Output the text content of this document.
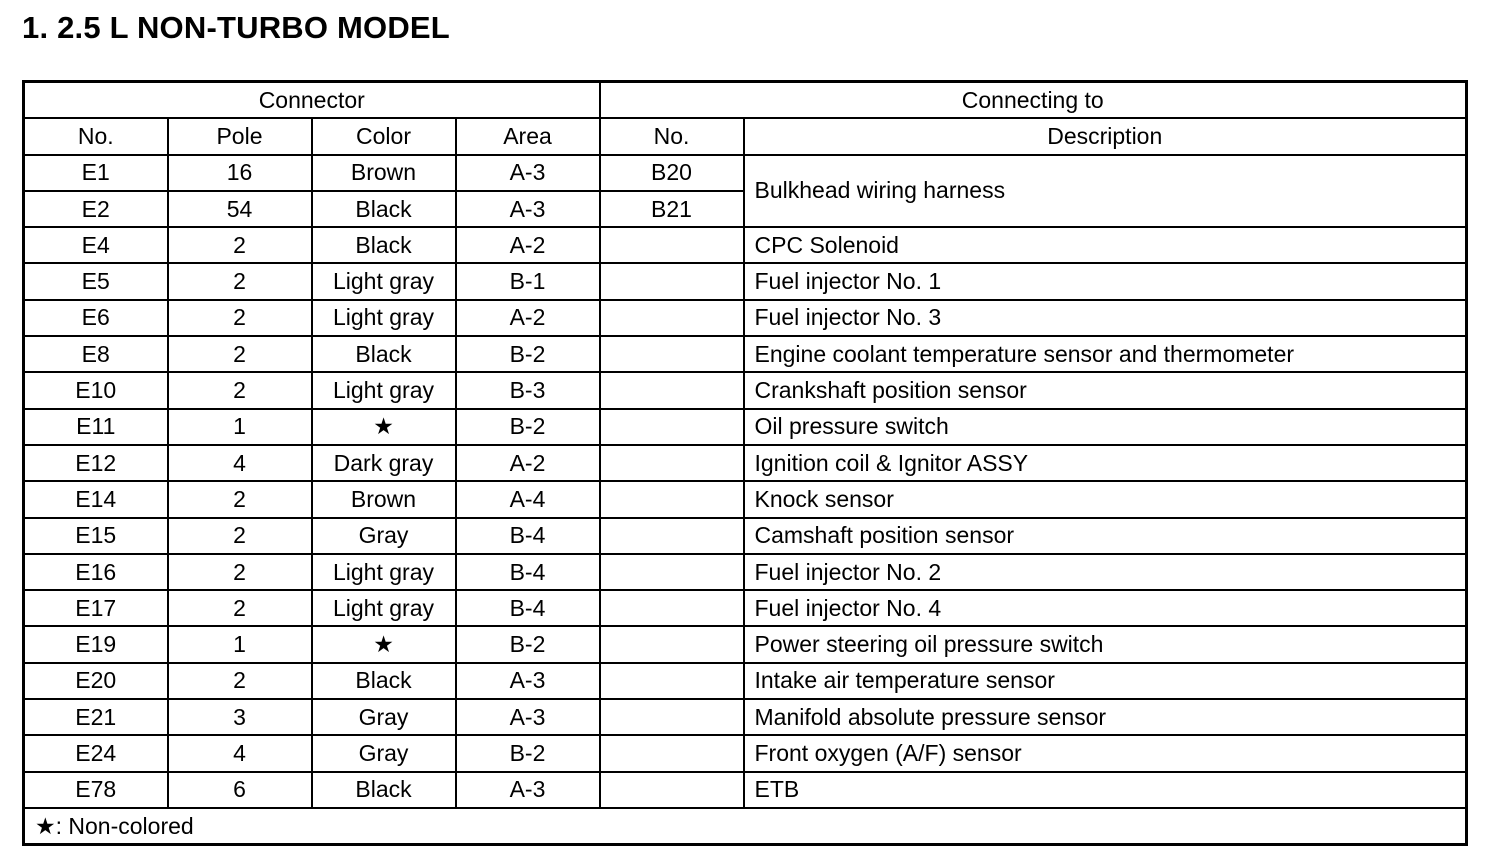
1. 2.5 L NON-TURBO MODEL
Connector				Connecting to	
No.	Pole	Color	Area	No.	Description
E1	16	Brown	A-3	B20	Bulkhead wiring harness
E2	54	Black	A-3	B21	
E4	2	Black	A-2		CPC Solenoid
E5	2	Light gray	B-1		Fuel injector No. 1
E6	2	Light gray	A-2		Fuel injector No. 3
E8	2	Black	B-2		Engine coolant temperature sensor and thermometer
E10	2	Light gray	B-3		Crankshaft position sensor
E11	1	★	B-2		Oil pressure switch
E12	4	Dark gray	A-2		Ignition coil & Ignitor ASSY
E14	2	Brown	A-4		Knock sensor
E15	2	Gray	B-4		Camshaft position sensor
E16	2	Light gray	B-4		Fuel injector No. 2
E17	2	Light gray	B-4		Fuel injector No. 4
E19	1	★	B-2		Power steering oil pressure switch
E20	2	Black	A-3		Intake air temperature sensor
E21	3	Gray	A-3		Manifold absolute pressure sensor
E24	4	Gray	B-2		Front oxygen (A/F) sensor
E78	6	Black	A-3		ETB
★: Non-colored					
